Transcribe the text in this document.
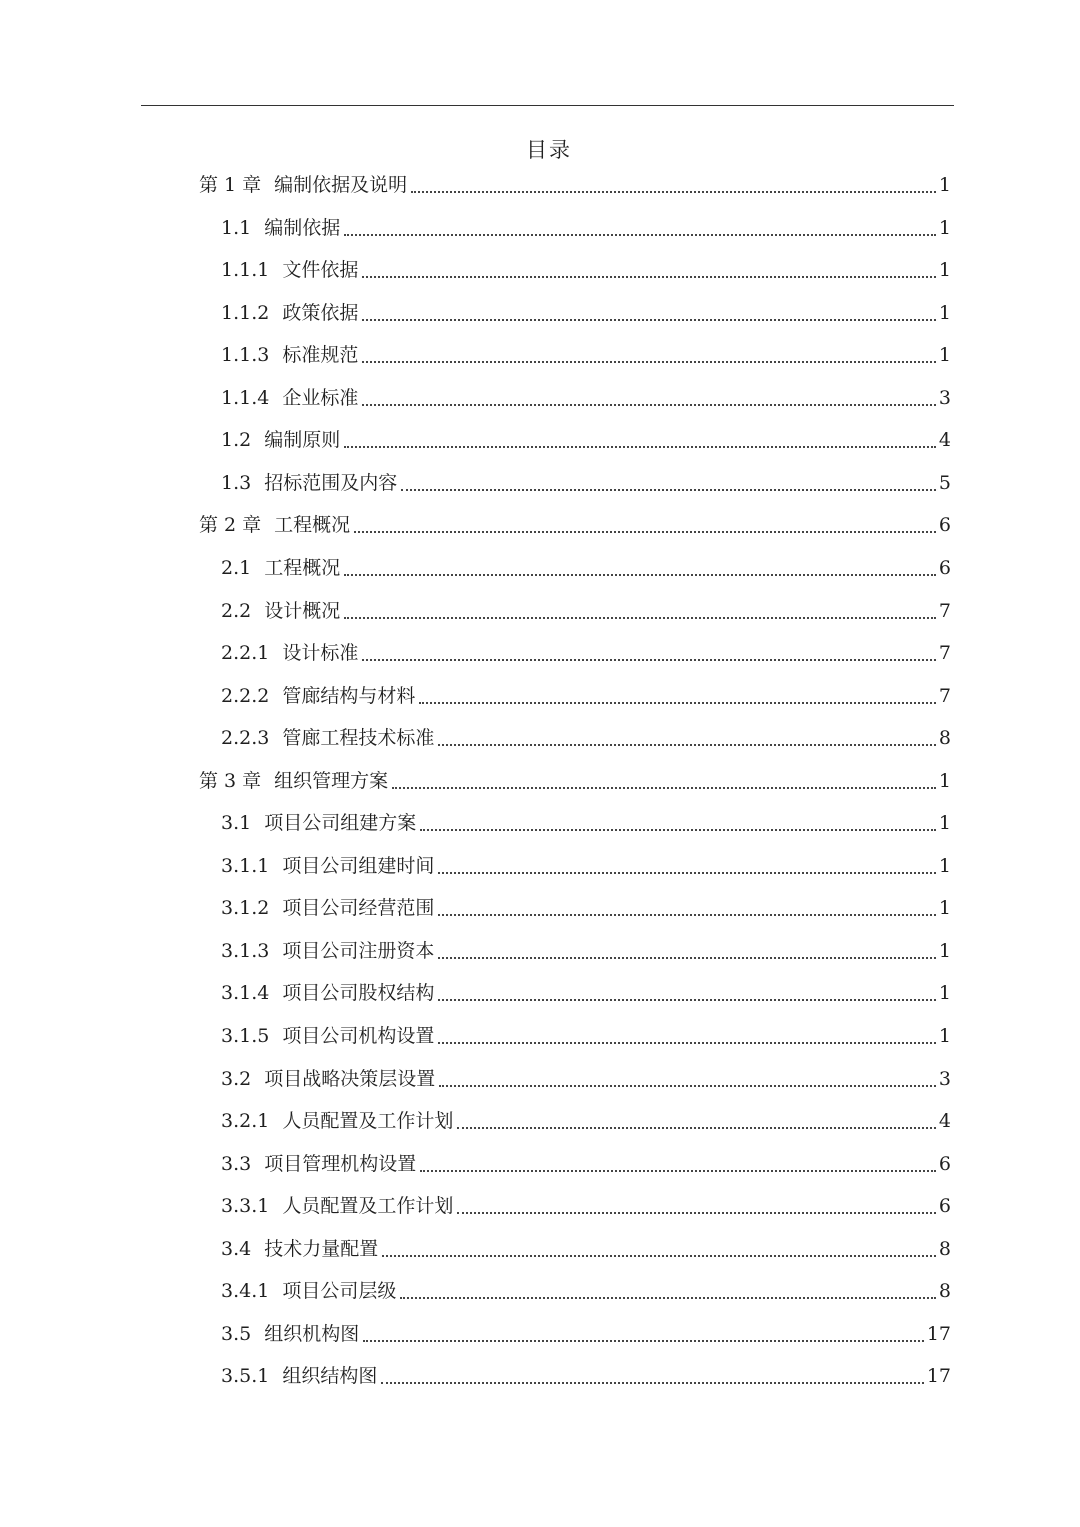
目录
第 1 章 编制依据及说明	1
1.1 编制依据	1
1.1.1 文件依据	1
1.1.2 政策依据	1
1.1.3 标准规范	1
1.1.4 企业标准	3
1.2 编制原则	4
1.3 招标范围及内容	5
第 2 章 工程概况	6
2.1 工程概况	6
2.2 设计概况	7
2.2.1 设计标准	7
2.2.2 管廊结构与材料	7
2.2.3 管廊工程技术标准	8
第 3 章 组织管理方案	1
3.1 项目公司组建方案	1
3.1.1 项目公司组建时间	1
3.1.2 项目公司经营范围	1
3.1.3 项目公司注册资本	1
3.1.4 项目公司股权结构	1
3.1.5 项目公司机构设置	1
3.2 项目战略决策层设置	3
3.2.1 人员配置及工作计划	4
3.3 项目管理机构设置	6
3.3.1 人员配置及工作计划	6
3.4 技术力量配置	8
3.4.1 项目公司层级	8
3.5 组织机构图	17
3.5.1 组织结构图	17
